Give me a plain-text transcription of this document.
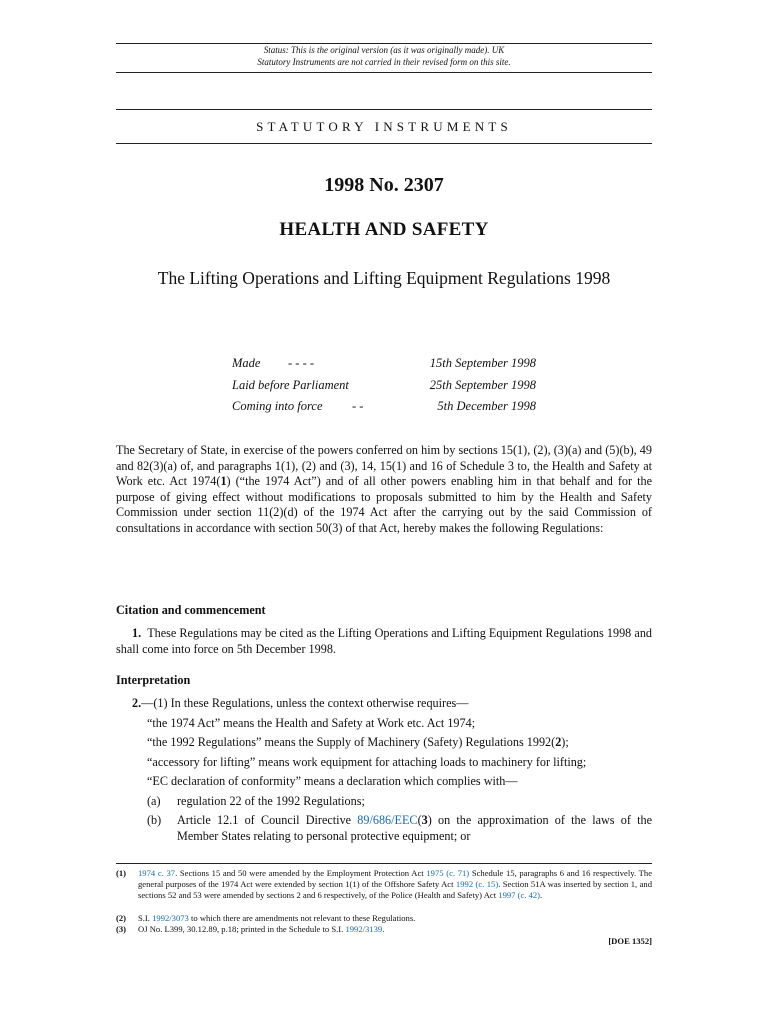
Status: This is the original version (as it was originally made). UK
Statutory Instruments are not carried in their revised form on this site.
STATUTORY INSTRUMENTS
1998 No. 2307
HEALTH AND SAFETY
The Lifting Operations and Lifting Equipment Regulations 1998
Made - - - -	15th September 1998
Laid before Parliament	25th September 1998
Coming into force - -	5th December 1998
The Secretary of State, in exercise of the powers conferred on him by sections 15(1), (2), (3)(a) and (5)(b), 49 and 82(3)(a) of, and paragraphs 1(1), (2) and (3), 14, 15(1) and 16 of Schedule 3 to, the Health and Safety at Work etc. Act 1974(1) (“the 1974 Act”) and of all other powers enabling him in that behalf and for the purpose of giving effect without modifications to proposals submitted to him by the Health and Safety Commission under section 11(2)(d) of the 1974 Act after the carrying out by the said Commission of consultations in accordance with section 50(3) of that Act, hereby makes the following Regulations:
Citation and commencement
1. These Regulations may be cited as the Lifting Operations and Lifting Equipment Regulations 1998 and shall come into force on 5th December 1998.
Interpretation
2.—(1) In these Regulations, unless the context otherwise requires—
“the 1974 Act” means the Health and Safety at Work etc. Act 1974;
“the 1992 Regulations” means the Supply of Machinery (Safety) Regulations 1992(2);
“accessory for lifting” means work equipment for attaching loads to machinery for lifting;
“EC declaration of conformity” means a declaration which complies with—
(a) regulation 22 of the 1992 Regulations;
(b) Article 12.1 of Council Directive 89/686/EEC(3) on the approximation of the laws of the Member States relating to personal protective equipment; or
(1) 1974 c. 37. Sections 15 and 50 were amended by the Employment Protection Act 1975 (c. 71) Schedule 15, paragraphs 6 and 16 respectively. The general purposes of the 1974 Act were extended by section 1(1) of the Offshore Safety Act 1992 (c. 15). Section 51A was inserted by section 1, and sections 52 and 53 were amended by sections 2 and 6 respectively, of the Police (Health and Safety) Act 1997 (c. 42).
(2) S.I. 1992/3073 to which there are amendments not relevant to these Regulations.
(3) OJ No. L399, 30.12.89, p.18; printed in the Schedule to S.I. 1992/3139.
[DOE 1352]
